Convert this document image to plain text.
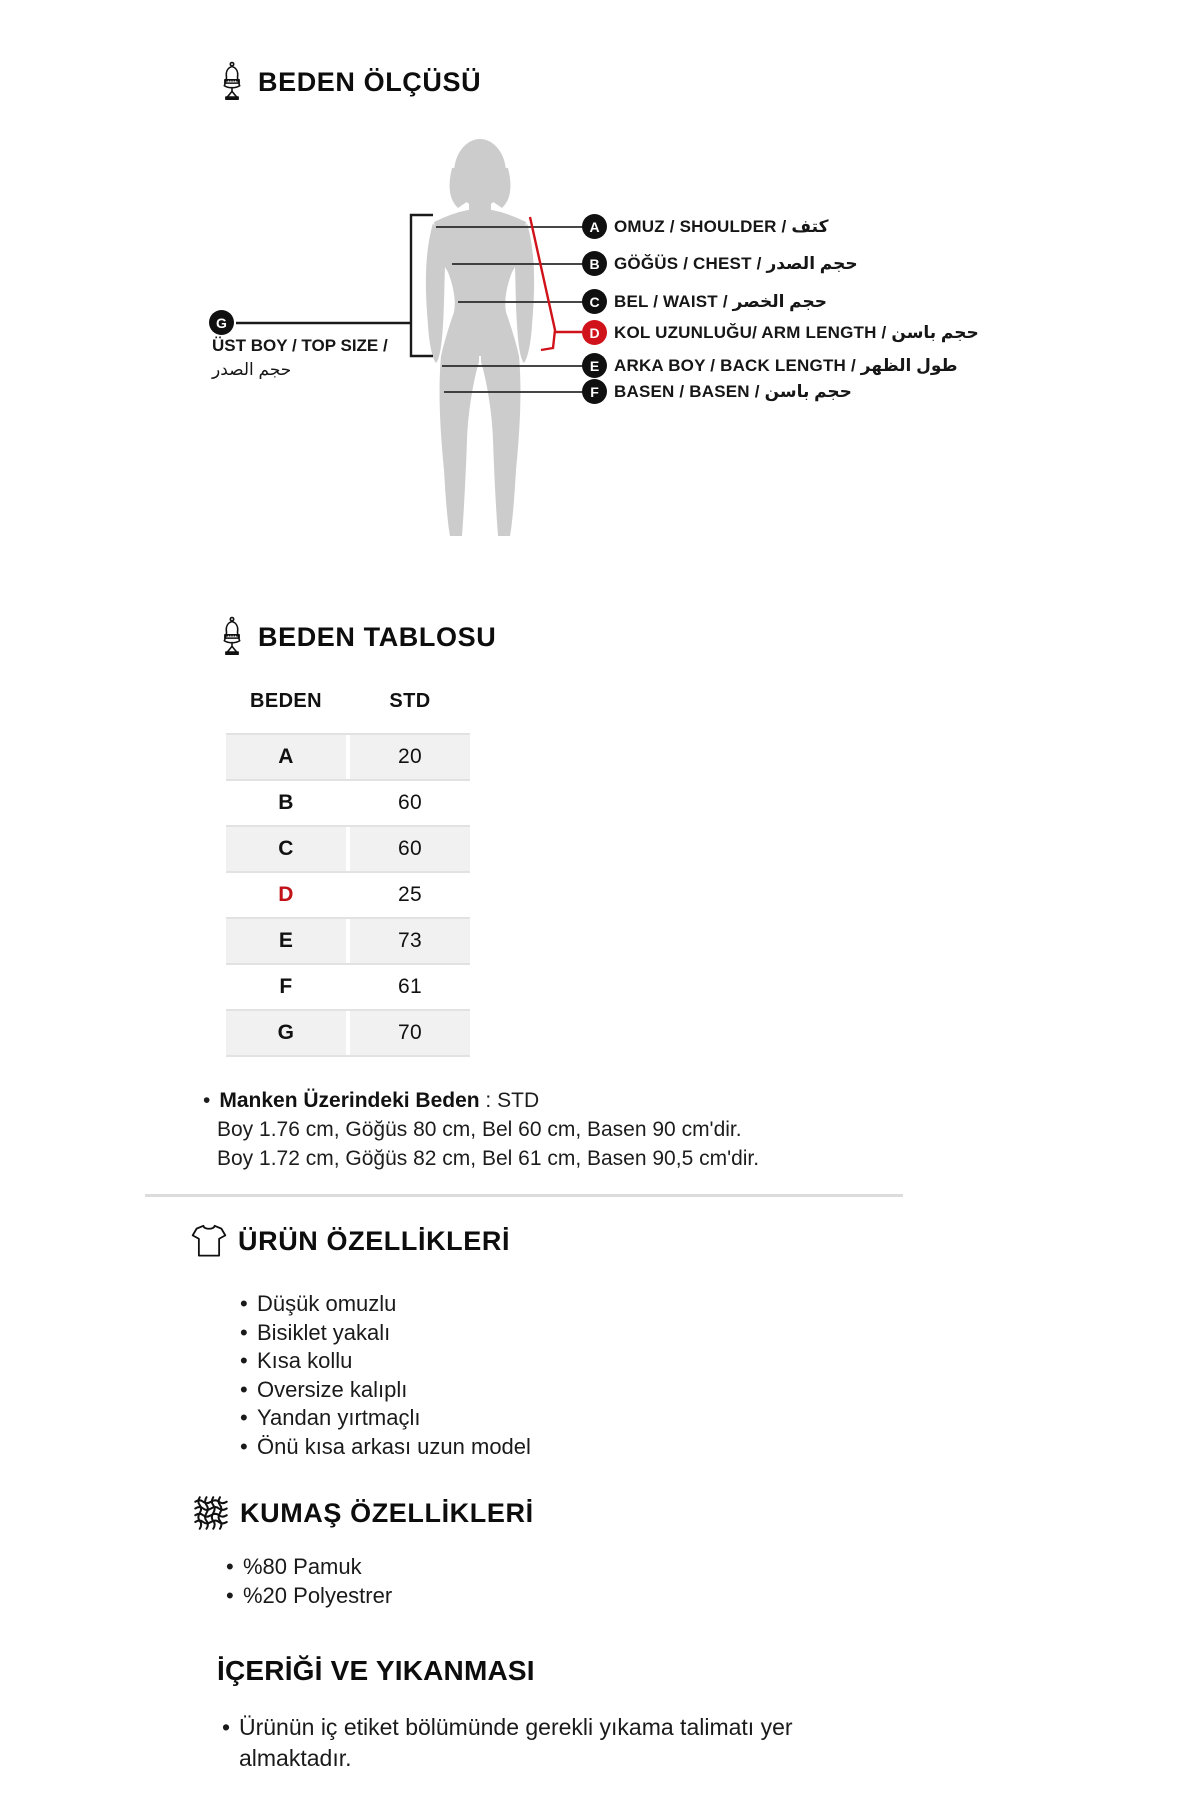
BEDEN ÖLÇÜSÜ
A
B
C
D
E
F
G
OMUZ / SHOULDER / كتف
GÖĞÜS / CHEST / حجم الصدر
BEL / WAIST / حجم الخصر
KOL UZUNLUĞU/ ARM LENGTH / حجم باسن
ARKA BOY / BACK LENGTH / طول الظهر
BASEN / BASEN / حجم باسن
ÜST BOY / TOP SIZE /
حجم الصدر
BEDEN TABLOSU
BEDEN	STD
A	20
B	60
C	60
D	25
E	73
F	61
G	70
• Manken Üzerindeki Beden : STD
Boy 1.76 cm, Göğüs 80 cm, Bel 60 cm, Basen 90 cm'dir.
Boy 1.72 cm, Göğüs 82 cm, Bel 61 cm, Basen 90,5 cm'dir.
ÜRÜN ÖZELLİKLERİ
• Düşük omuzlu
• Bisiklet yakalı
• Kısa kollu
• Oversize kalıplı
• Yandan yırtmaçlı
• Önü kısa arkası uzun model
KUMAŞ ÖZELLİKLERİ
• %80 Pamuk
• %20 Polyestrer
İÇERİĞİ VE YIKANMASI
• Ürünün iç etiket bölümünde gerekli yıkama talimatı yer almaktadır.
